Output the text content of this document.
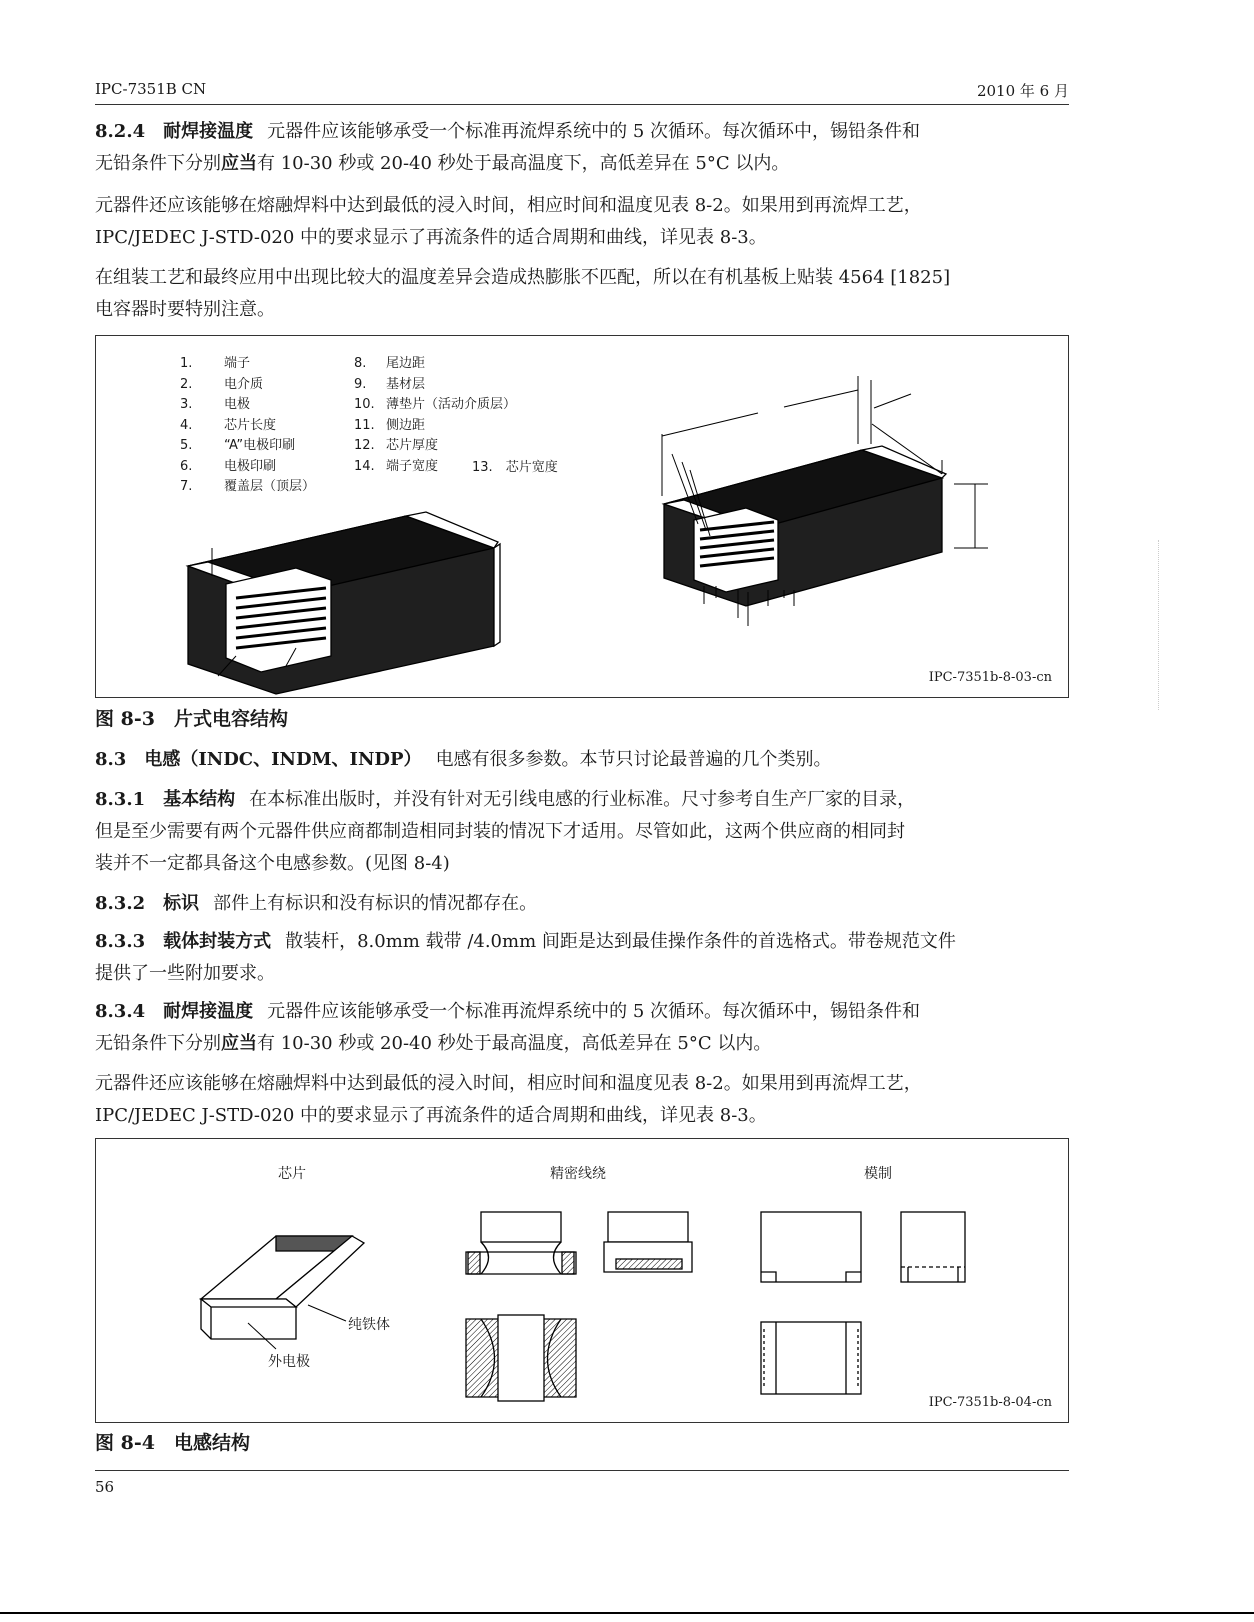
IPC-7351B CN	2010 年 6 月

8.2.4　 耐焊接温度 元器件应该能够承受一个标准再流焊系统中的 5 次循环。每次循环中，锡铅条件和
无铅条件下分别应当有 10-30 秒或 20-40 秒处于最高温度下，高低差异在 5°C 以内。

元器件还应该能够在熔融焊料中达到最低的浸入时间，相应时间和温度见表 8-2。如果用到再流焊工艺，
IPC/JEDEC J-STD-020 中的要求显示了再流条件的适合周期和曲线，详见表 8-3。

在组装工艺和最终应用中出现比较大的温度差异会造成热膨胀不匹配，所以在有机基板上贴装 4564 [1825]
电容器时要特别注意。

1. 端子
2. 电介质
3. 电极
4. 芯片长度
5. “A”电极印刷
6. 电极印刷
7. 覆盖层（顶层）
8. 尾边距
9. 基材层
10. 薄垫片（活动介质层）
11. 侧边距
12. 芯片厚度
14. 端子宽度	13.　 芯片宽度
IPC-7351b-8-03-cn
图 8-3　片式电容结构

8.3　 电感（INDC、INDM、INDP） 电感有很多参数。本节只讨论最普遍的几个类别。

8.3.1　 基本结构 在本标准出版时，并没有针对无引线电感的行业标准。尺寸参考自生产厂家的目录，
但是至少需要有两个元器件供应商都制造相同封装的情况下才适用。尽管如此，这两个供应商的相同封
装并不一定都具备这个电感参数。(见图 8-4)

8.3.2　 标识 部件上有标识和没有标识的情况都存在。

8.3.3　 载体封装方式 散装杆，8.0mm 载带 /4.0mm 间距是达到最佳操作条件的首选格式。带卷规范文件
提供了一些附加要求。

8.3.4　 耐焊接温度 元器件应该能够承受一个标准再流焊系统中的 5 次循环。每次循环中，锡铅条件和
无铅条件下分别应当有 10-30 秒或 20-40 秒处于最高温度，高低差异在 5°C 以内。

元器件还应该能够在熔融焊料中达到最低的浸入时间，相应时间和温度见表 8-2。如果用到再流焊工艺，
IPC/JEDEC J-STD-020 中的要求显示了再流条件的适合周期和曲线，详见表 8-3。

芯片	精密线绕	模制
纯铁体
外电极
IPC-7351b-8-04-cn
图 8-4　电感结构
56
